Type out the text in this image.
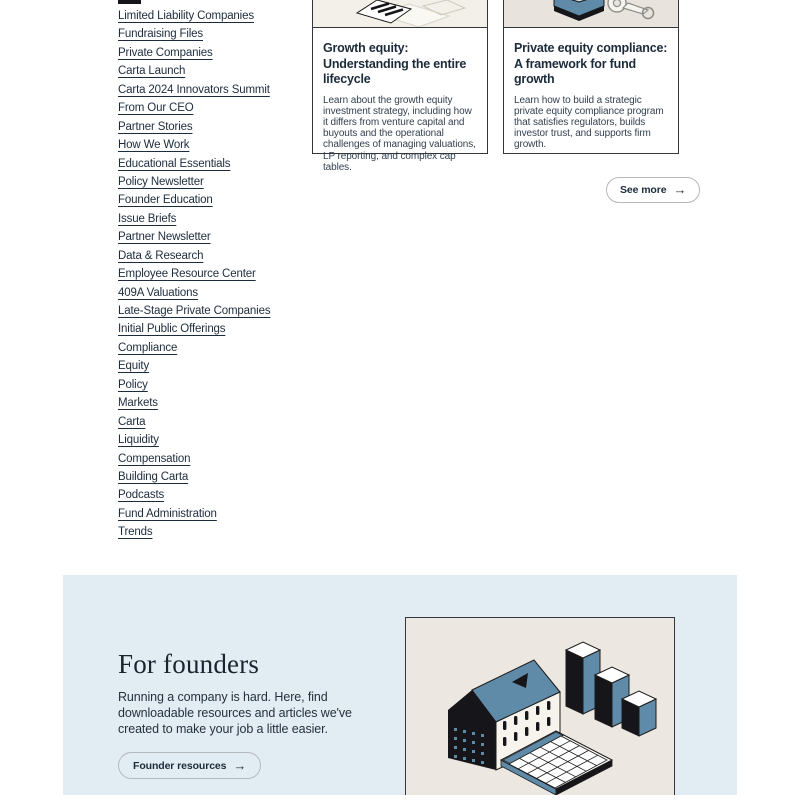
Limited Liability Companies
Fundraising Files
Private Companies
Carta Launch
Carta 2024 Innovators Summit
From Our CEO
Partner Stories
How We Work
Educational Essentials
Policy Newsletter
Founder Education
Issue Briefs
Partner Newsletter
Data & Research
Employee Resource Center
409A Valuations
Late-Stage Private Companies
Initial Public Offerings
Compliance
Equity
Policy
Markets
Carta
Liquidity
Compensation
Building Carta
Podcasts
Fund Administration
Trends
Growth equity: Understanding the entire lifecycle
Learn about the growth equity investment strategy, including how it differs from venture capital and buyouts and the operational challenges of managing valuations, LP reporting, and complex cap tables.
Private equity compliance: A framework for fund growth
Learn how to build a strategic private equity compliance program that satisfies regulators, builds investor trust, and supports firm growth.
See more →
For founders

Running a company is hard. Here, find downloadable resources and articles we've created to make your job a little easier.

Founder resources →
